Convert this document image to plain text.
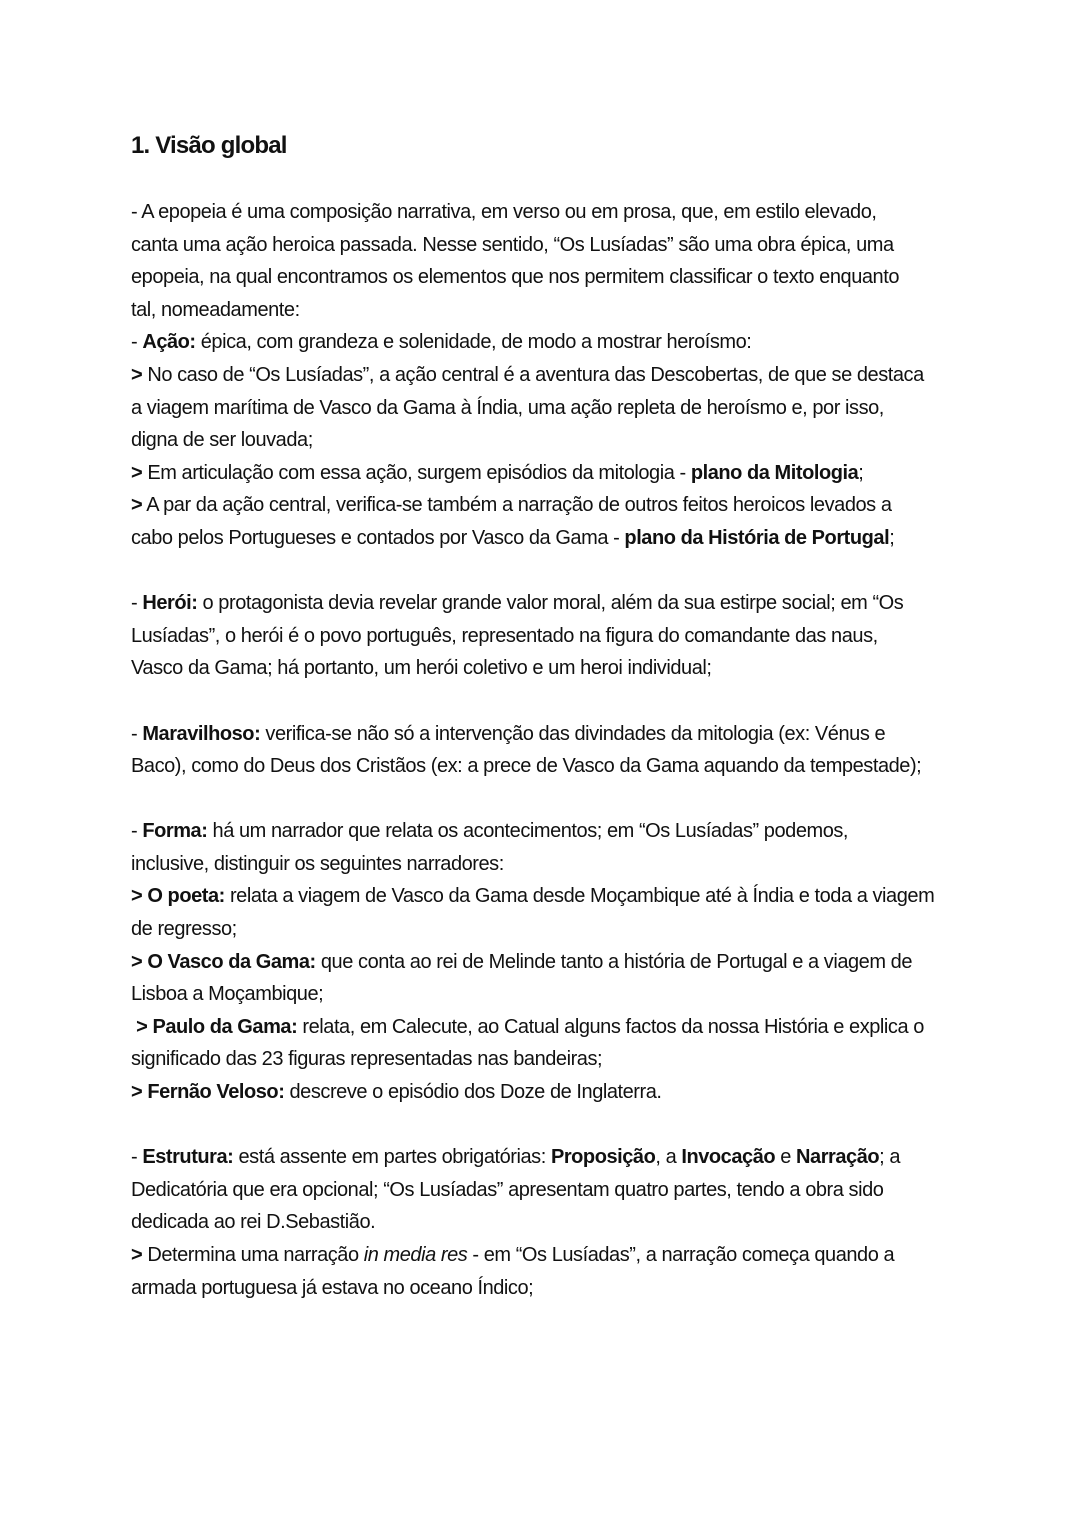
1. Visão global
- A epopeia é uma composição narrativa, em verso ou em prosa, que, em estilo elevado,
canta uma ação heroica passada. Nesse sentido, “Os Lusíadas” são uma obra épica, uma
epopeia, na qual encontramos os elementos que nos permitem classificar o texto enquanto
tal, nomeadamente:
- Ação: épica, com grandeza e solenidade, de modo a mostrar heroísmo:
> No caso de “Os Lusíadas”, a ação central é a aventura das Descobertas, de que se destaca
a viagem marítima de Vasco da Gama à Índia, uma ação repleta de heroísmo e, por isso,
digna de ser louvada;
> Em articulação com essa ação, surgem episódios da mitologia - plano da Mitologia;
> A par da ação central, verifica-se também a narração de outros feitos heroicos levados a
cabo pelos Portugueses e contados por Vasco da Gama - plano da História de Portugal;
- Herói: o protagonista devia revelar grande valor moral, além da sua estirpe social; em “Os
Lusíadas”, o herói é o povo português, representado na figura do comandante das naus,
Vasco da Gama; há portanto, um herói coletivo e um heroi individual;
- Maravilhoso: verifica-se não só a intervenção das divindades da mitologia (ex: Vénus e
Baco), como do Deus dos Cristãos (ex: a prece de Vasco da Gama aquando da tempestade);
- Forma: há um narrador que relata os acontecimentos; em “Os Lusíadas” podemos,
inclusive, distinguir os seguintes narradores:
> O poeta: relata a viagem de Vasco da Gama desde Moçambique até à Índia e toda a viagem
de regresso;
> O Vasco da Gama: que conta ao rei de Melinde tanto a história de Portugal e a viagem de
Lisboa a Moçambique;
> Paulo da Gama: relata, em Calecute, ao Catual alguns factos da nossa História e explica o
significado das 23 figuras representadas nas bandeiras;
> Fernão Veloso: descreve o episódio dos Doze de Inglaterra.
- Estrutura: está assente em partes obrigatórias: Proposição, a Invocação e Narração; a
Dedicatória que era opcional; “Os Lusíadas” apresentam quatro partes, tendo a obra sido
dedicada ao rei D.Sebastião.
> Determina uma narração in media res - em “Os Lusíadas”, a narração começa quando a
armada portuguesa já estava no oceano Índico;
